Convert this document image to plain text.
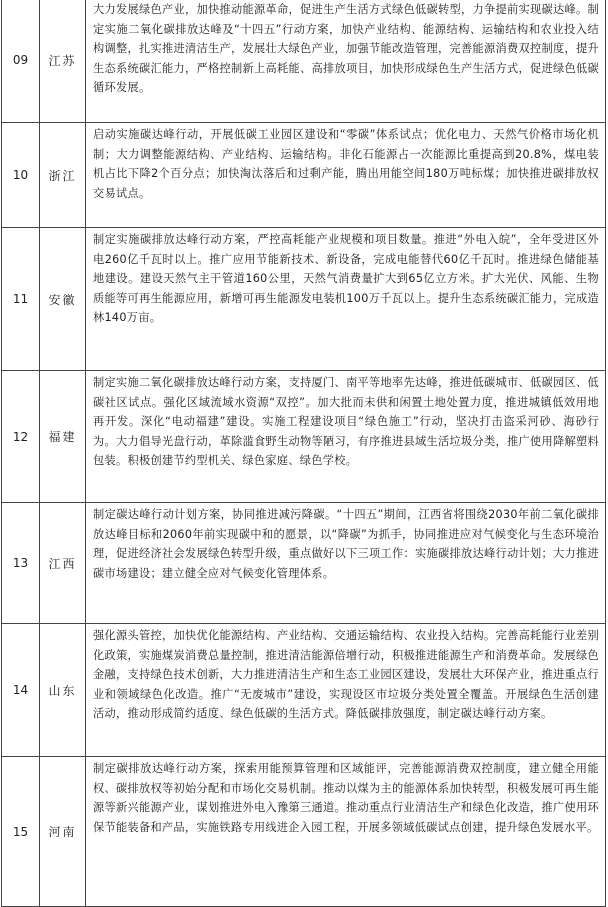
09	江苏
大力发展绿色产业，加快推动能源革命，促进生产生活方式绿色低碳转型，力争提前实现碳达峰。制定实施二氧化碳排放达峰及“十四五”行动方案，加快产业结构、能源结构、运输结构和农业投入结构调整，扎实推进清洁生产，发展壮大绿色产业，加强节能改造管理，完善能源消费双控制度，提升生态系统碳汇能力，严格控制新上高耗能、高排放项目，加快形成绿色生产生活方式，促进绿色低碳循环发展。
10	浙江
启动实施碳达峰行动，开展低碳工业园区建设和“零碳”体系试点；优化电力、天然气价格市场化机制；大力调整能源结构、产业结构、运输结构。非化石能源占一次能源比重提高到20.8%，煤电装机占比下降2个百分点；加快淘汰落后和过剩产能，腾出用能空间180万吨标煤；加快推进碳排放权交易试点。
11	安徽
制定实施碳排放达峰行动方案，严控高耗能产业规模和项目数量。推进“外电入皖”，全年受进区外电260亿千瓦时以上。推广应用节能新技术、新设备，完成电能替代60亿千瓦时。推进绿色储能基地建设。建设天然气主干管道160公里，天然气消费量扩大到65亿立方米。扩大光伏、风能、生物质能等可再生能源应用，新增可再生能源发电装机100万千瓦以上。提升生态系统碳汇能力，完成造林140万亩。
12	福建
制定实施二氧化碳排放达峰行动方案，支持厦门、南平等地率先达峰，推进低碳城市、低碳园区、低碳社区试点。强化区域流域水资源“双控”。加大批而未供和闲置土地处置力度，推进城镇低效用地再开发。深化“电动福建”建设。实施工程建设项目“绿色施工”行动，坚决打击盗采河砂、海砂行为。大力倡导光盘行动，革除滥食野生动物等陋习，有序推进县域生活垃圾分类，推广使用降解塑料包装。积极创建节约型机关、绿色家庭、绿色学校。
13	江西
制定碳达峰行动计划方案，协同推进减污降碳。“十四五”期间，江西省将围绕2030年前二氧化碳排放达峰目标和2060年前实现碳中和的愿景，以“降碳”为抓手，协同推进应对气候变化与生态环境治理，促进经济社会发展绿色转型升级，重点做好以下三项工作：实施碳排放达峰行动计划；大力推进碳市场建设；建立健全应对气候变化管理体系。
14	山东
强化源头管控，加快优化能源结构、产业结构、交通运输结构、农业投入结构。完善高耗能行业差别化政策，实施煤炭消费总量控制，推进清洁能源倍增行动，积极推进能源生产和消费革命。发展绿色金融，支持绿色技术创新，大力推进清洁生产和生态工业园区建设，发展壮大环保产业，推进重点行业和领域绿色化改造。推广“无废城市”建设，实现设区市垃圾分类处置全覆盖。开展绿色生活创建活动，推动形成简约适度、绿色低碳的生活方式。降低碳排放强度，制定碳达峰行动方案。
15	河南
制定碳排放达峰行动方案，探索用能预算管理和区域能评，完善能源消费双控制度，建立健全用能权、碳排放权等初始分配和市场化交易机制。推动以煤为主的能源体系加快转型，积极发展可再生能源等新兴能源产业，谋划推进外电入豫第三通道。推动重点行业清洁生产和绿色化改造，推广使用环保节能装备和产品，实施铁路专用线进企入园工程，开展多领域低碳试点创建，提升绿色发展水平。
